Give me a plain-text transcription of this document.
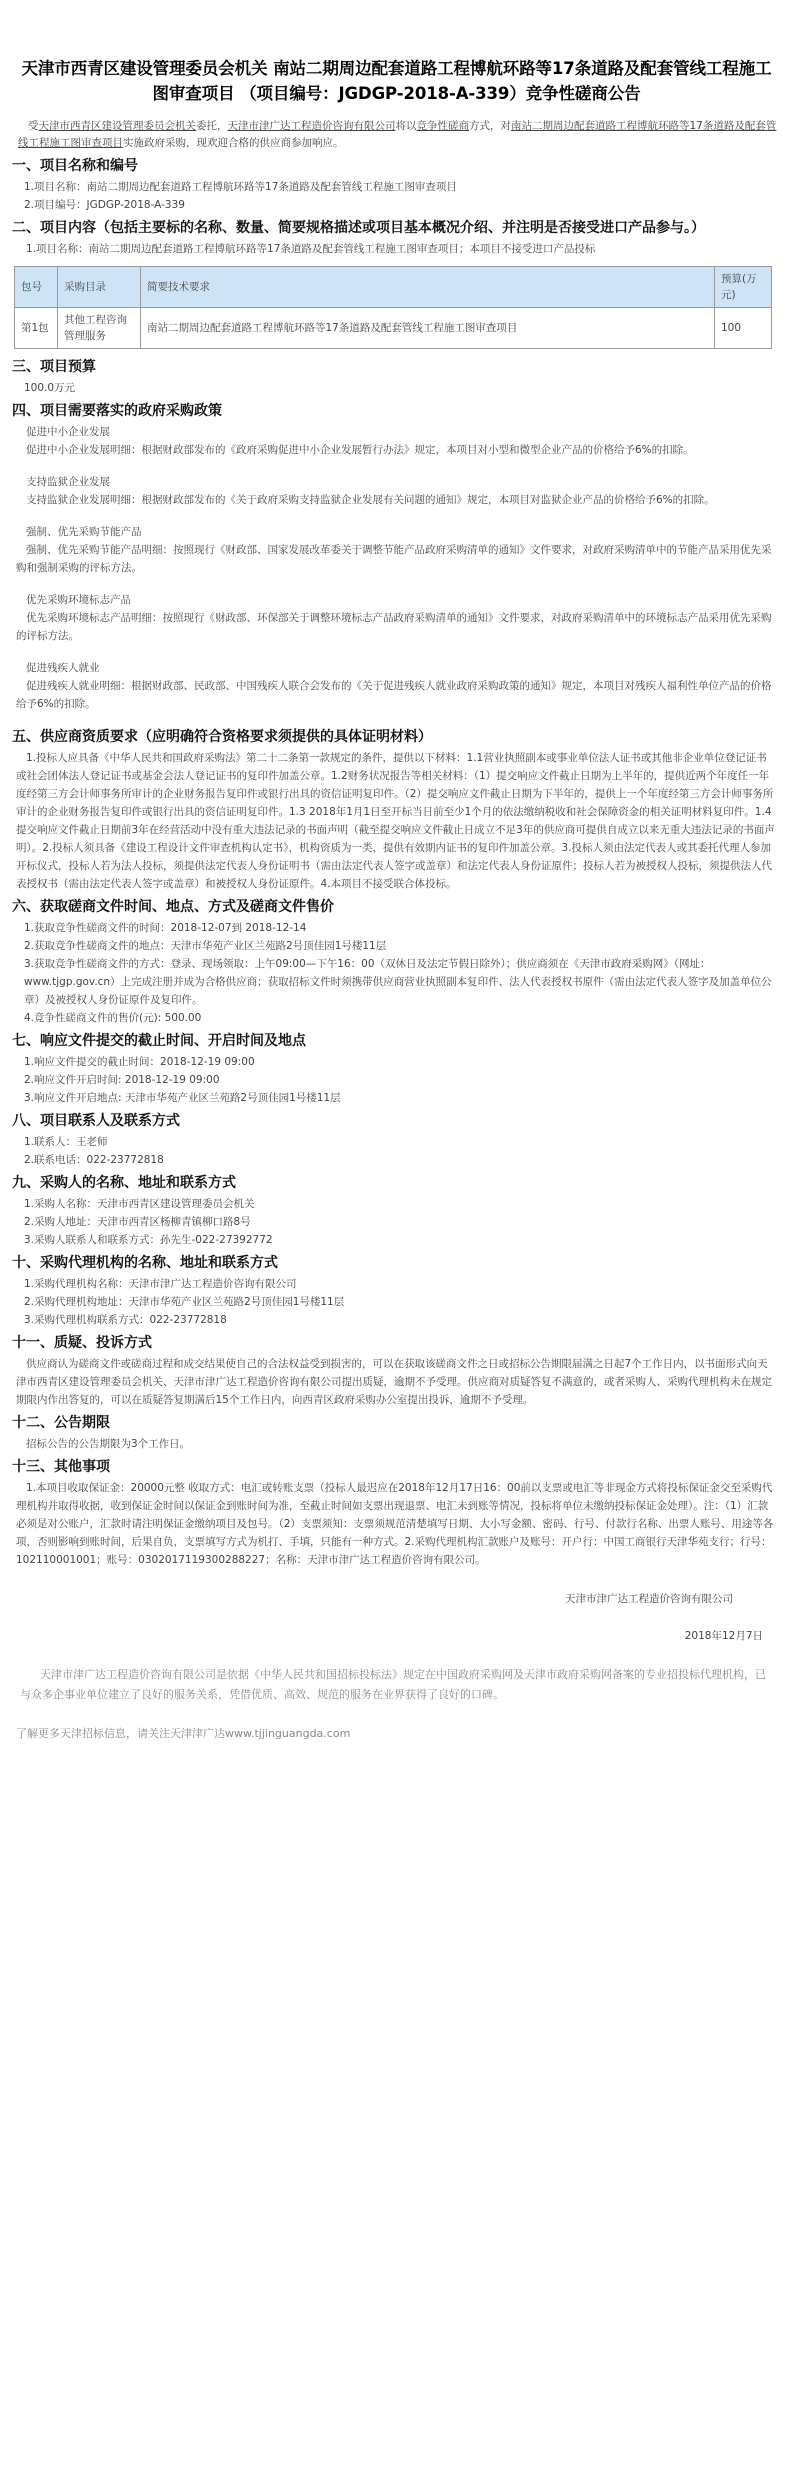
天津市西青区建设管理委员会机关 南站二期周边配套道路工程博航环路等17条道路及配套管线工程施工图审查项目 （项目编号：JGDGP-2018-A-339）竞争性磋商公告
受天津市西青区建设管理委员会机关委托，天津市津广达工程造价咨询有限公司将以竞争性磋商方式，对南站二期周边配套道路工程博航环路等17条道路及配套管线工程施工图审查项目实施政府采购，现欢迎合格的供应商参加响应。
一、项目名称和编号
1.项目名称：南站二期周边配套道路工程博航环路等17条道路及配套管线工程施工图审查项目
2.项目编号：JGDGP-2018-A-339
二、项目内容（包括主要标的名称、数量、简要规格描述或项目基本概况介绍、并注明是否接受进口产品参与。）
1.项目名称：南站二期周边配套道路工程博航环路等17条道路及配套管线工程施工图审查项目；本项目不接受进口产品投标
包号	采购目录	简要技术要求	预算(万元)
第1包	其他工程咨询管理服务	南站二期周边配套道路工程博航环路等17条道路及配套管线工程施工图审查项目	100
三、项目预算
100.0万元
四、项目需要落实的政府采购政策
促进中小企业发展
促进中小企业发展明细：根据财政部发布的《政府采购促进中小企业发展暂行办法》规定，本项目对小型和微型企业产品的价格给予6%的扣除。
支持监狱企业发展
支持监狱企业发展明细：根据财政部发布的《关于政府采购支持监狱企业发展有关问题的通知》规定，本项目对监狱企业产品的价格给予6%的扣除。
强制、优先采购节能产品
强制、优先采购节能产品明细：按照现行《财政部、国家发展改革委关于调整节能产品政府采购清单的通知》文件要求，对政府采购清单中的节能产品采用优先采购和强制采购的评标方法。
优先采购环境标志产品
优先采购环境标志产品明细：按照现行《财政部、环保部关于调整环境标志产品政府采购清单的通知》文件要求，对政府采购清单中的环境标志产品采用优先采购的评标方法。
促进残疾人就业
促进残疾人就业明细：根据财政部、民政部、中国残疾人联合会发布的《关于促进残疾人就业政府采购政策的通知》规定，本项目对残疾人福利性单位产品的价格给予6%的扣除。
五、供应商资质要求（应明确符合资格要求须提供的具体证明材料）
1.投标人应具备《中华人民共和国政府采购法》第二十二条第一款规定的条件，提供以下材料：1.1营业执照副本或事业单位法人证书或其他非企业单位登记证书或社会团体法人登记证书或基金会法人登记证书的复印件加盖公章。1.2财务状况报告等相关材料：（1）提交响应文件截止日期为上半年的，提供近两个年度任一年度经第三方会计师事务所审计的企业财务报告复印件或银行出具的资信证明复印件。（2）提交响应文件截止日期为下半年的，提供上一个年度经第三方会计师事务所审计的企业财务报告复印件或银行出具的资信证明复印件。1.3 2018年1月1日至开标当日前至少1个月的依法缴纳税收和社会保障资金的相关证明材料复印件。1.4提交响应文件截止日期前3年在经营活动中没有重大违法记录的书面声明（截至提交响应文件截止日成立不足3年的供应商可提供自成立以来无重大违法记录的书面声明）。2.投标人须具备《建设工程设计文件审查机构认定书》，机构资质为一类，提供有效期内证书的复印件加盖公章。3.投标人须由法定代表人或其委托代理人参加开标仪式，投标人若为法人投标，须提供法定代表人身份证明书（需由法定代表人签字或盖章）和法定代表人身份证原件；投标人若为被授权人投标，须提供法人代表授权书（需由法定代表人签字或盖章）和被授权人身份证原件。4.本项目不接受联合体投标。
六、获取磋商文件时间、地点、方式及磋商文件售价
1.获取竞争性磋商文件的时间：2018-12-07到 2018-12-14
2.获取竞争性磋商文件的地点：天津市华苑产业区兰苑路2号顶佳园1号楼11层
3.获取竞争性磋商文件的方式：登录、现场领取：上午09:00—下午16：00（双休日及法定节假日除外）；供应商须在《天津市政府采购网》（网址：www.tjgp.gov.cn）上完成注册并成为合格供应商；获取招标文件时须携带供应商营业执照副本复印件、法人代表授权书原件（需由法定代表人签字及加盖单位公章）及被授权人身份证原件及复印件。
4.竞争性磋商文件的售价(元): 500.00
七、响应文件提交的截止时间、开启时间及地点
1.响应文件提交的截止时间：2018-12-19 09:00
2.响应文件开启时间: 2018-12-19 09:00
3.响应文件开启地点: 天津市华苑产业区兰苑路2号顶佳园1号楼11层
八、项目联系人及联系方式
1.联系人：王老师
2.联系电话：022-23772818
九、采购人的名称、地址和联系方式
1.采购人名称：天津市西青区建设管理委员会机关
2.采购人地址：天津市西青区杨柳青镇柳口路8号
3.采购人联系人和联系方式：孙先生-022-27392772
十、采购代理机构的名称、地址和联系方式
1.采购代理机构名称：天津市津广达工程造价咨询有限公司
2.采购代理机构地址：天津市华苑产业区兰苑路2号顶佳园1号楼11层
3.采购代理机构联系方式：022-23772818
十一、质疑、投诉方式
供应商认为磋商文件或磋商过程和成交结果使自己的合法权益受到损害的，可以在获取该磋商文件之日或招标公告期限届满之日起7个工作日内，以书面形式向天津市西青区建设管理委员会机关、天津市津广达工程造价咨询有限公司提出质疑，逾期不予受理。供应商对质疑答复不满意的，或者采购人、采购代理机构未在规定期限内作出答复的，可以在质疑答复期满后15个工作日内，向西青区政府采购办公室提出投诉，逾期不予受理。
十二、公告期限
招标公告的公告期限为3个工作日。
十三、其他事项
1.本项目收取保证金：20000元整 收取方式：电汇或转账支票（投标人最迟应在2018年12月17日16：00前以支票或电汇等非现金方式将投标保证金交至采购代理机构并取得收据，收到保证金时间以保证金到账时间为准，至截止时间如支票出现退票、电汇未到账等情况，投标将单位未缴纳投标保证金处理）。注：（1）汇款必须是对公账户，汇款时请注明保证金缴纳项目及包号。（2）支票须知：支票须规范清楚填写日期、大小写金额、密码、行号、付款行名称、出票人账号、用途等各项，否则影响到账时间，后果自负，支票填写方式为机打、手填，只能有一种方式。2.采购代理机构汇款账户及账号：开户行：中国工商银行天津华苑支行；行号：102110001001；账号：0302017119300288227；名称：天津市津广达工程造价咨询有限公司。
天津市津广达工程造价咨询有限公司
2018年12月7日
天津市津广达工程造价咨询有限公司是依据《中华人民共和国招标投标法》规定在中国政府采购网及天津市政府采购网备案的专业招投标代理机构，已与众多企事业单位建立了良好的服务关系，凭借优质、高效、规范的服务在业界获得了良好的口碑。
了解更多天津招标信息，请关注天津津广达www.tjjinguangda.com
